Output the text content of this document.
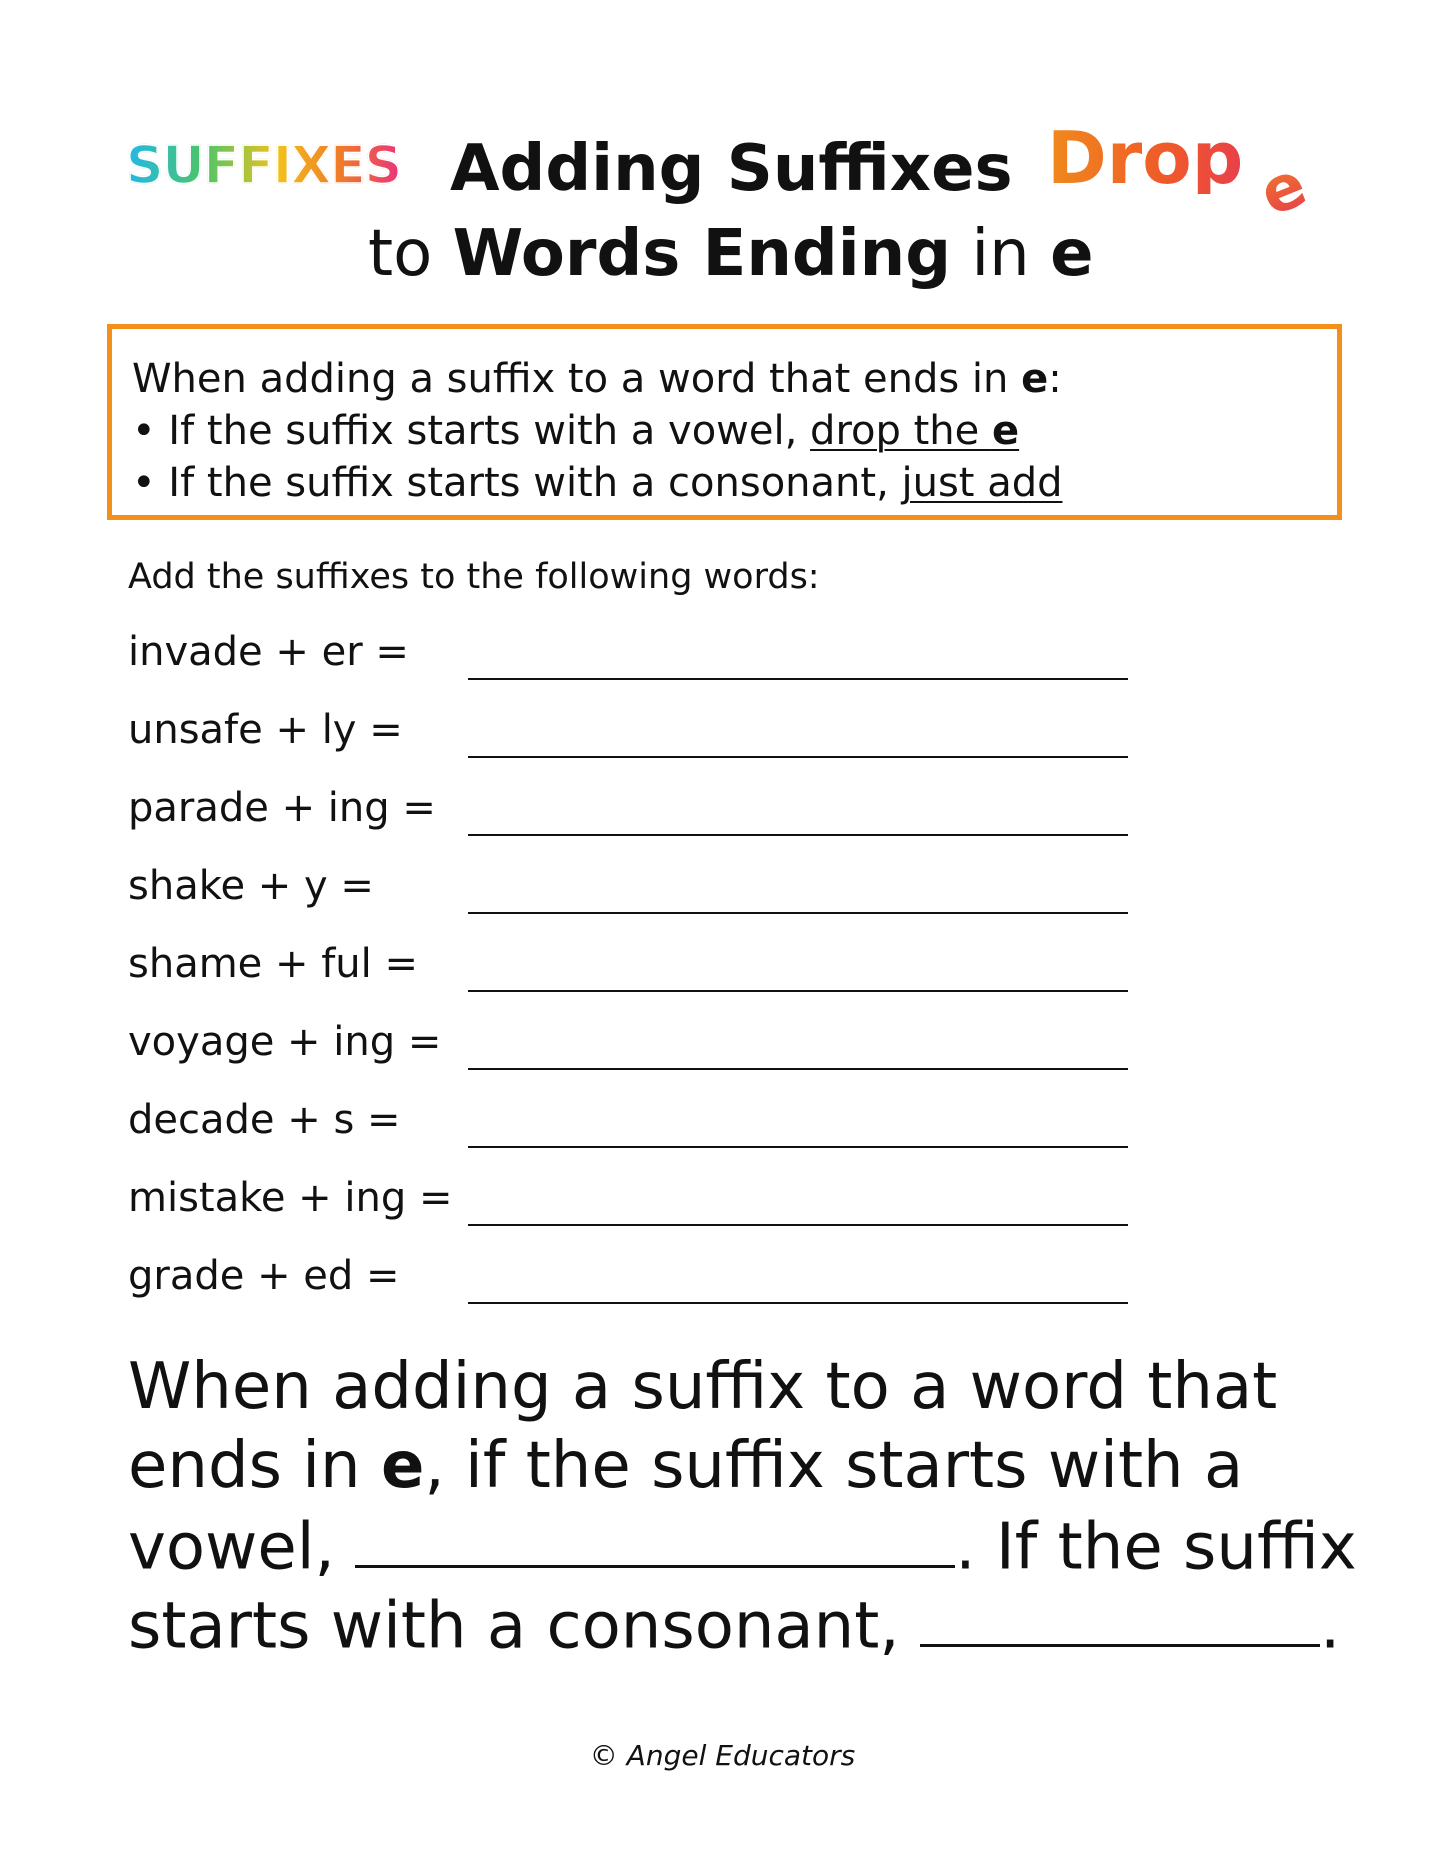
SUFFIXES Adding Suffixes
to Words Ending in e
Drop e
When adding a suffix to a word that ends in e:
• If the suffix starts with a vowel, drop the e
• If the suffix starts with a consonant, just add
Add the suffixes to the following words:
invade + er =
unsafe + ly =
parade + ing =
shake + y =
shame + ful =
voyage + ing =
decade + s =
mistake + ing =
grade + ed =
When adding a suffix to a word that
ends in e, if the suffix starts with a
vowel,	. If the suffix
starts with a consonant,	.
© Angel Educators
